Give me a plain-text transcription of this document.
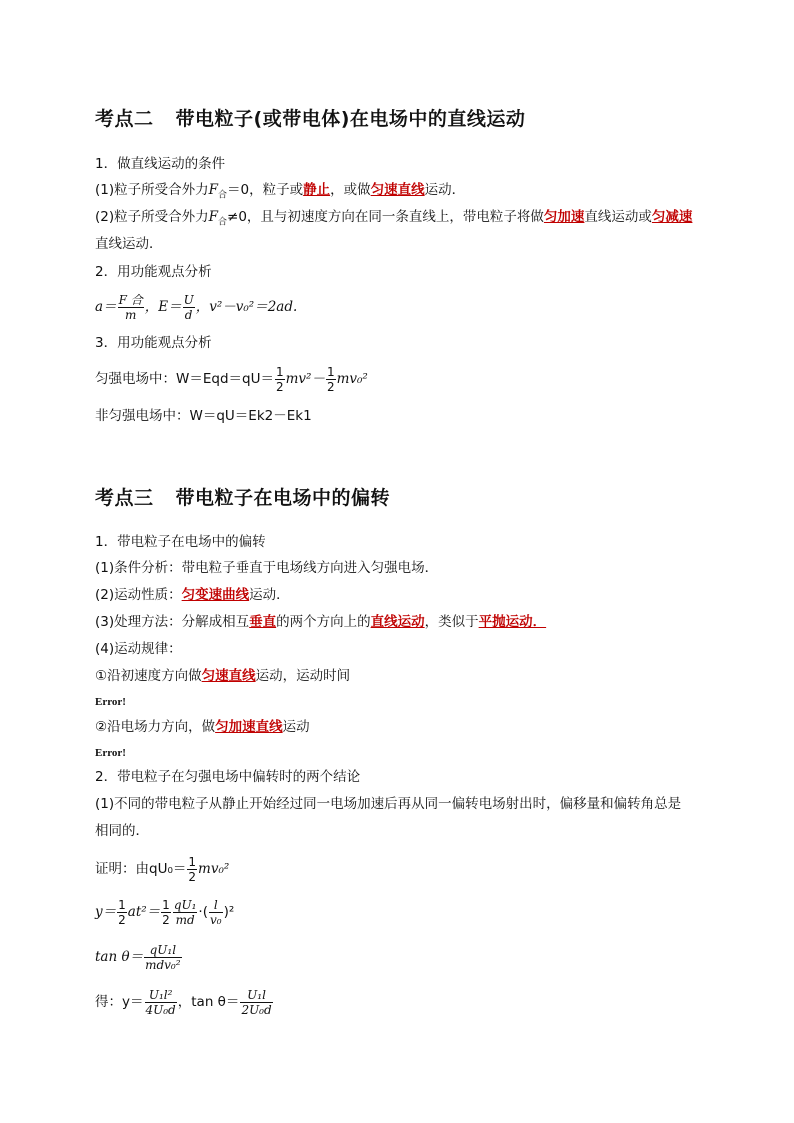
考点二 带电粒子(或带电体)在电场中的直线运动
1．做直线运动的条件
(1)粒子所受合外力$F_合=0$，粒子或静止，或做匀速直线运动．
(2)粒子所受合外力$F_合\ne 0$，且与初速度方向在同一条直线上，带电粒子将做匀加速直线运动或匀减速
直线运动．
2．用功能观点分析
$a= \frac{\text{F 合}}{m}$ ，$E= \frac{U}{d}$ ，v²－v₀²＝2ad.
3．用功能观点分析
匀强电场中：$W=Eqd=qU= \frac{1}{2} mv^2- \frac{1}{2} mv_0^2$
非匀强电场中：W＝qU＝Ek2－Ek1
考点三 带电粒子在电场中的偏转
1．带电粒子在电场中的偏转
(1)条件分析：带电粒子垂直于电场线方向进入匀强电场．
(2)运动性质：匀变速曲线运动．
(3)处理方法：分解成相互垂直的两个方向上的直线运动，类似于平抛运动．
(4)运动规律：
①沿初速度方向做匀速直线运动，运动时间
Error!
②沿电场力方向，做匀加速直线运动
Error!
2．带电粒子在匀强电场中偏转时的两个结论
(1)不同的带电粒子从静止开始经过同一电场加速后再从同一偏转电场射出时，偏移量和偏转角总是
相同的．
证明：由$qU_0= \frac{1}{2} mv_0^2$
$y= \frac{1}{2} at^2= \frac{1}{2} \frac{\text{qU₁}}{md}$ ·( $\frac{l}{\text{v₀}} )^2$
$\tan \theta= \frac{\text{qU₁l}}{\text{mdv₀²}}$
得：$y= \frac{\text{U₁l²}}{\text{4U₀d}}$ ，$\tan \theta= \frac{\text{U₁l}}{\text{2U₀d}}$
